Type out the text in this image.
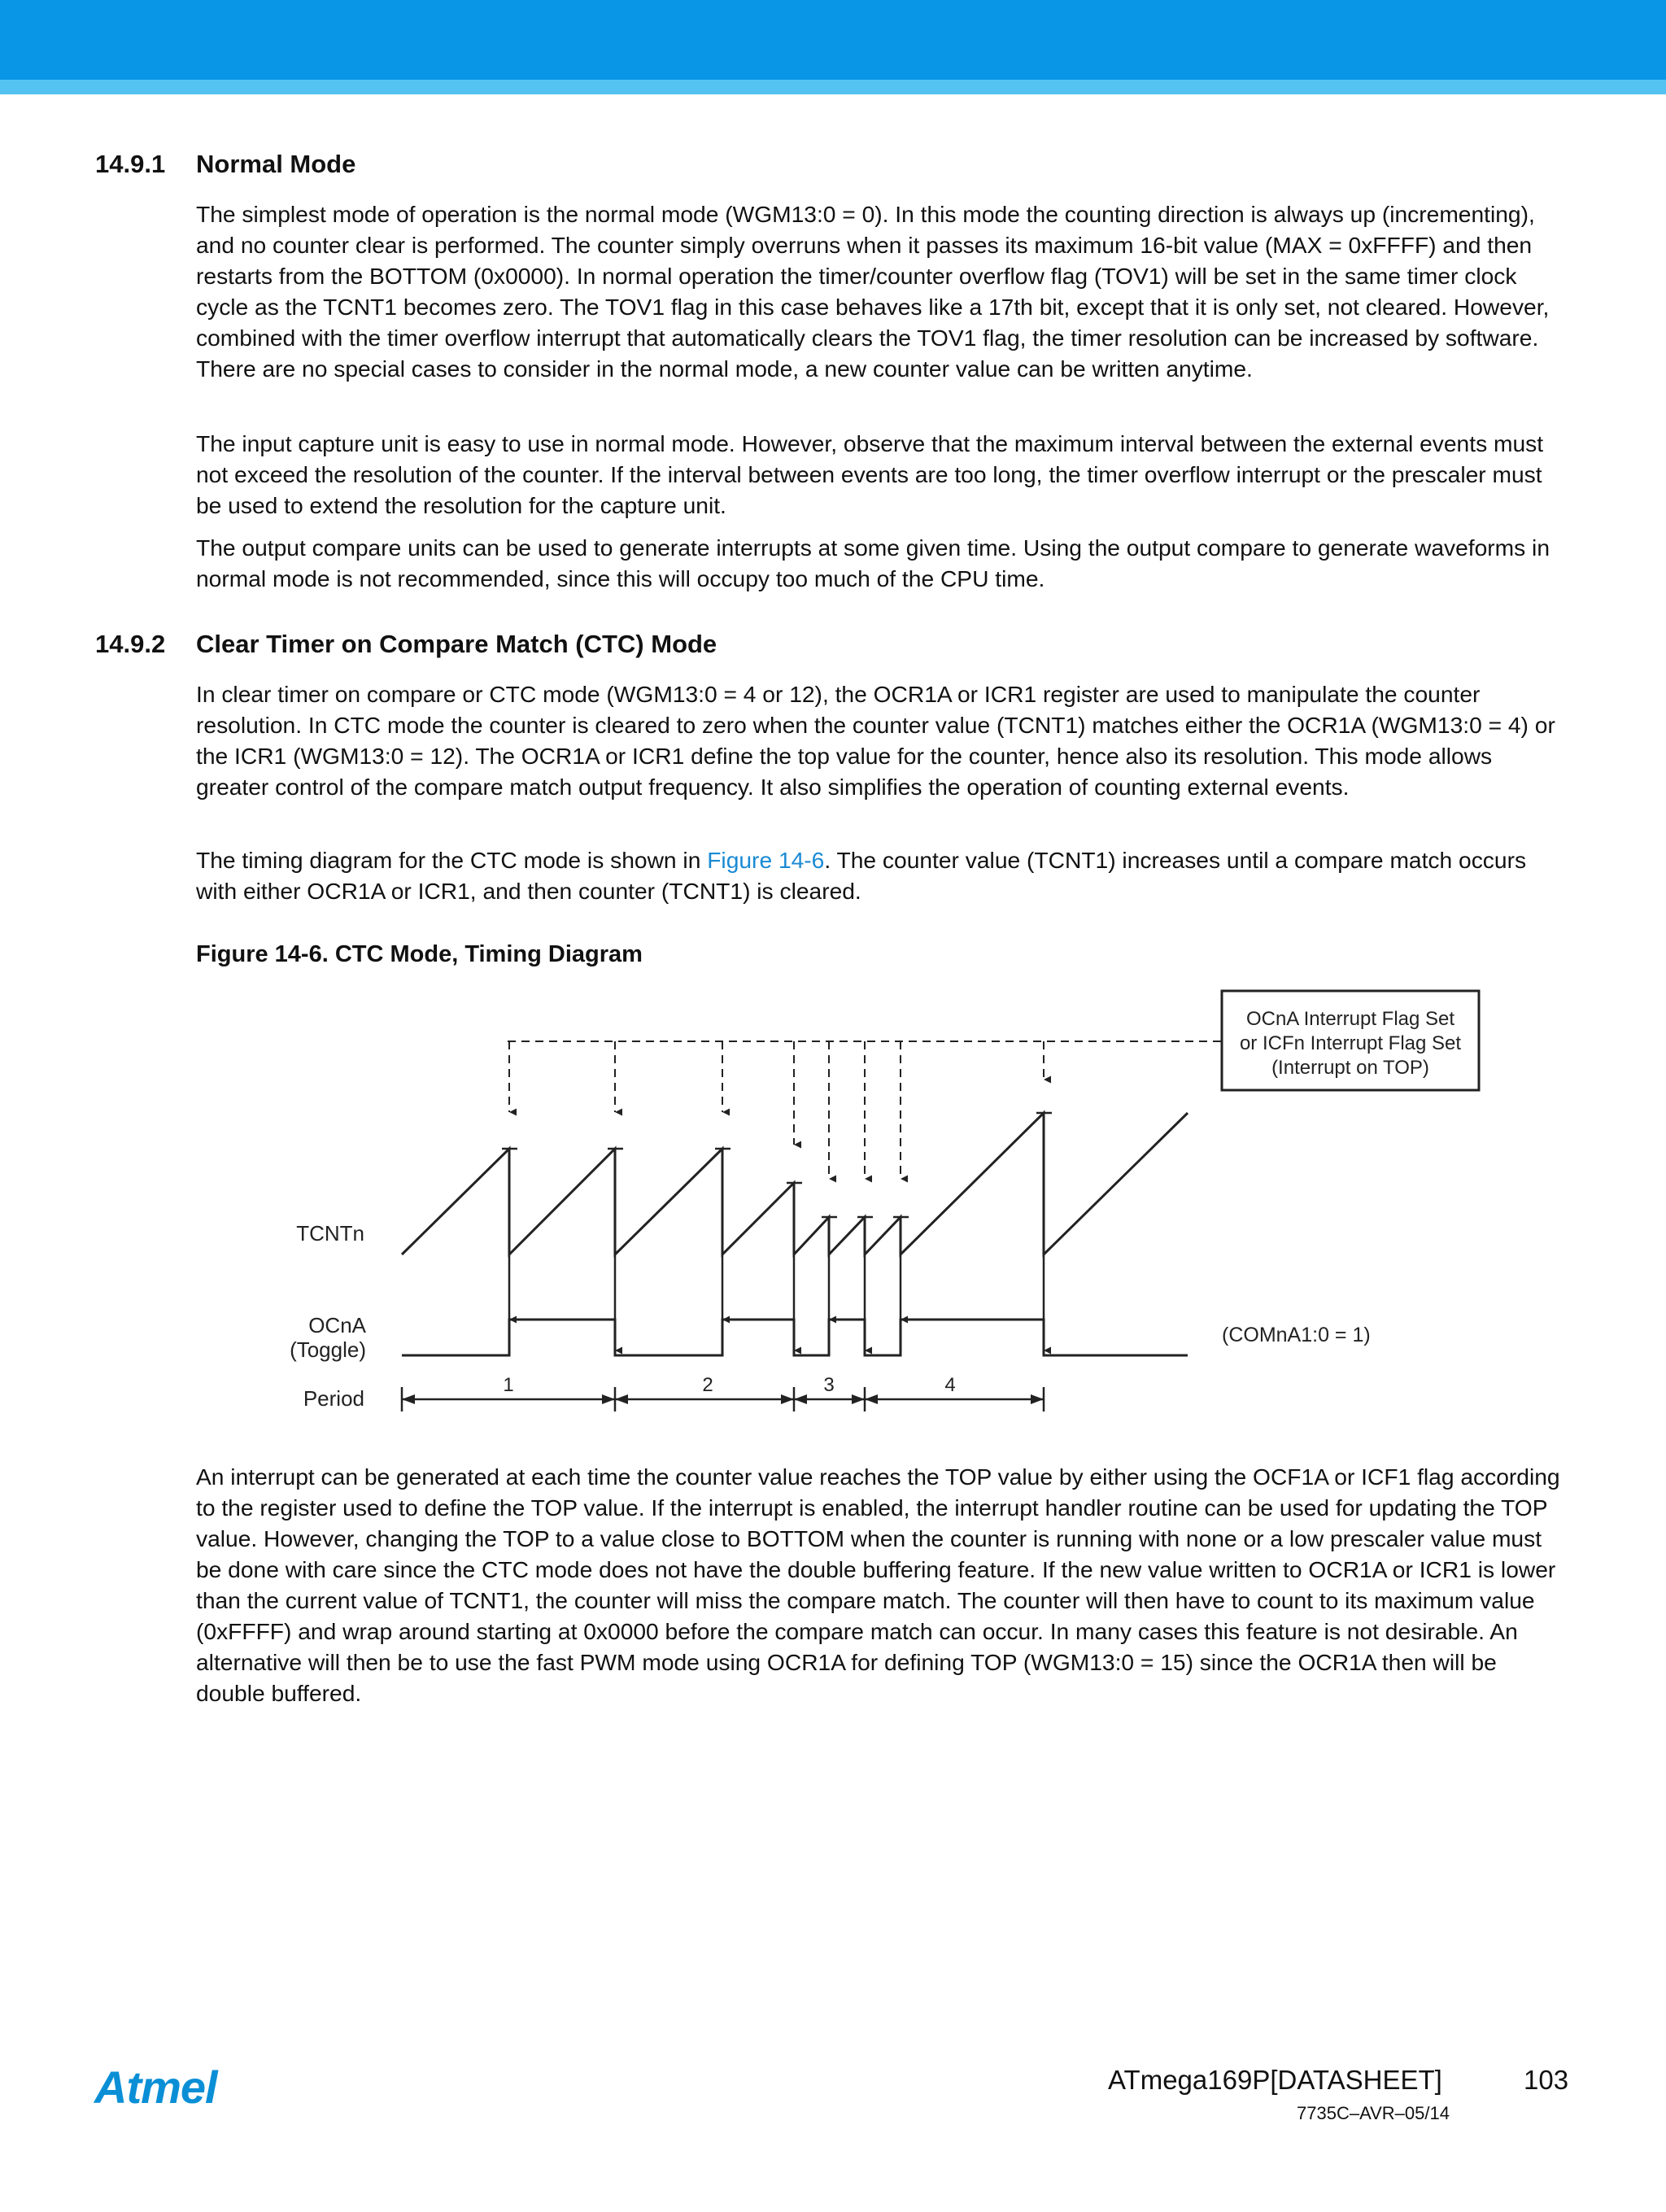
14.9.1 Normal Mode

The simplest mode of operation is the normal mode (WGM13:0 = 0). In this mode the counting direction is always up (incrementing), and no counter clear is performed. The counter simply overruns when it passes its maximum 16-bit value (MAX = 0xFFFF) and then restarts from the BOTTOM (0x0000). In normal operation the timer/counter overflow flag (TOV1) will be set in the same timer clock cycle as the TCNT1 becomes zero. The TOV1 flag in this case behaves like a 17th bit, except that it is only set, not cleared. However, combined with the timer overflow interrupt that automatically clears the TOV1 flag, the timer resolution can be increased by software. There are no special cases to consider in the normal mode, a new counter value can be written anytime.

The input capture unit is easy to use in normal mode. However, observe that the maximum interval between the external events must not exceed the resolution of the counter. If the interval between events are too long, the timer overflow interrupt or the prescaler must be used to extend the resolution for the capture unit.

The output compare units can be used to generate interrupts at some given time. Using the output compare to generate waveforms in normal mode is not recommended, since this will occupy too much of the CPU time.

14.9.2 Clear Timer on Compare Match (CTC) Mode

In clear timer on compare or CTC mode (WGM13:0 = 4 or 12), the OCR1A or ICR1 register are used to manipulate the counter resolution. In CTC mode the counter is cleared to zero when the counter value (TCNT1) matches either the OCR1A (WGM13:0 = 4) or the ICR1 (WGM13:0 = 12). The OCR1A or ICR1 define the top value for the counter, hence also its resolution. This mode allows greater control of the compare match output frequency. It also simplifies the operation of counting external events.

The timing diagram for the CTC mode is shown in Figure 14-6. The counter value (TCNT1) increases until a compare match occurs with either OCR1A or ICR1, and then counter (TCNT1) is cleared.

Figure 14-6. CTC Mode, Timing Diagram
OCnA Interrupt Flag Set
or ICFn Interrupt Flag Set
(Interrupt on TOP)
1	2	3	4
TCNTn
OCnA
(Toggle)
Period
(COMnA1:0 = 1)

An interrupt can be generated at each time the counter value reaches the TOP value by either using the OCF1A or ICF1 flag according to the register used to define the TOP value. If the interrupt is enabled, the interrupt handler routine can be used for updating the TOP value. However, changing the TOP to a value close to BOTTOM when the counter is running with none or a low prescaler value must be done with care since the CTC mode does not have the double buffering feature. If the new value written to OCR1A or ICR1 is lower than the current value of TCNT1, the counter will miss the compare match. The counter will then have to count to its maximum value (0xFFFF) and wrap around starting at 0x0000 before the compare match can occur. In many cases this feature is not desirable. An alternative will then be to use the fast PWM mode using OCR1A for defining TOP (WGM13:0 = 15) since the OCR1A then will be double buffered.

Atmel	ATmega169P[DATASHEET]	103
7735C–AVR–05/14
